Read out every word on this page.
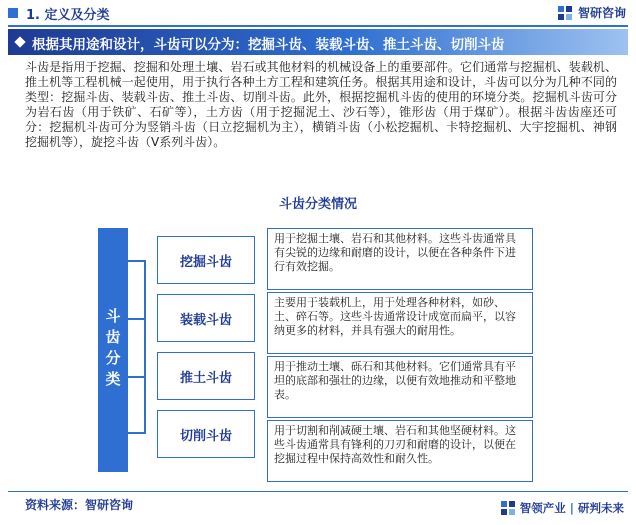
1. 定义及分类	智研咨询
根据其用途和设计，斗齿可以分为：挖掘斗齿、装载斗齿、推土斗齿、切削斗齿
斗齿是指用于挖掘、挖掘和处理土壤、岩石或其他材料的机械设备上的重要部件。它们通常与挖掘机、装载机、推土机等工程机械一起使用，用于执行各种土方工程和建筑任务。根据其用途和设计，斗齿可以分为几种不同的类型：挖掘斗齿、装载斗齿、推土斗齿、切削斗齿。此外，根据挖掘机斗齿的使用的环境分类。挖掘机斗齿可分为岩石齿（用于铁矿、石矿等），土方齿（用于挖掘泥土、沙石等），锥形齿（用于煤矿）。根据斗齿齿座还可分：挖掘机斗齿可分为竖销斗齿（日立挖掘机为主），横销斗齿（小松挖掘机、卡特挖掘机、大宇挖掘机、神钢挖掘机等），旋挖斗齿（V系列斗齿）。
斗齿分类情况
斗齿分类
挖掘斗齿
装载斗齿
推土斗齿
切削斗齿
用于挖掘土壤、岩石和其他材料。这些斗齿通常具有尖锐的边缘和耐磨的设计，以便在各种条件下进行有效挖掘。
主要用于装载机上，用于处理各种材料，如砂、土、碎石等。这些斗齿通常设计成宽而扁平，以容纳更多的材料，并具有强大的耐用性。
用于推动土壤、砾石和其他材料。它们通常具有平坦的底部和强壮的边缘，以便有效地推动和平整地表。
用于切割和削减硬土壤、岩石和其他坚硬材料。这些斗齿通常具有锋利的刀刃和耐磨的设计，以便在挖掘过程中保持高效性和耐久性。
资料来源：智研咨询	智领产业 | 研判未来
